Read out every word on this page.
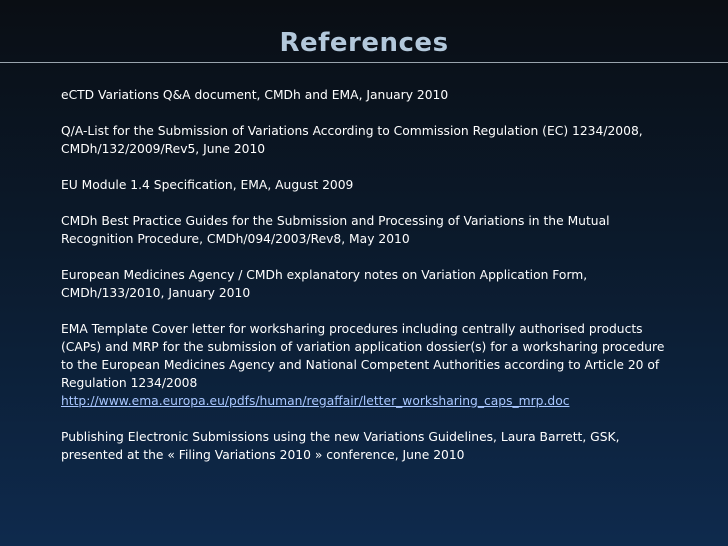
References

eCTD Variations Q&A document, CMDh and EMA, January 2010

Q/A-List for the Submission of Variations According to Commission Regulation (EC) 1234/2008, CMDh/132/2009/Rev5, June 2010

EU Module 1.4 Specification, EMA, August 2009

CMDh Best Practice Guides for the Submission and Processing of Variations in the Mutual Recognition Procedure, CMDh/094/2003/Rev8, May 2010

European Medicines Agency / CMDh explanatory notes on Variation Application Form, CMDh/133/2010, January 2010

EMA Template Cover letter for worksharing procedures including centrally authorised products (CAPs) and MRP for the submission of variation application dossier(s) for a worksharing procedure to the European Medicines Agency and National Competent Authorities according to Article 20 of Regulation 1234/2008
http://www.ema.europa.eu/pdfs/human/regaffair/letter_worksharing_caps_mrp.doc

Publishing Electronic Submissions using the new Variations Guidelines, Laura Barrett, GSK, presented at the « Filing Variations 2010 » conference, June 2010
